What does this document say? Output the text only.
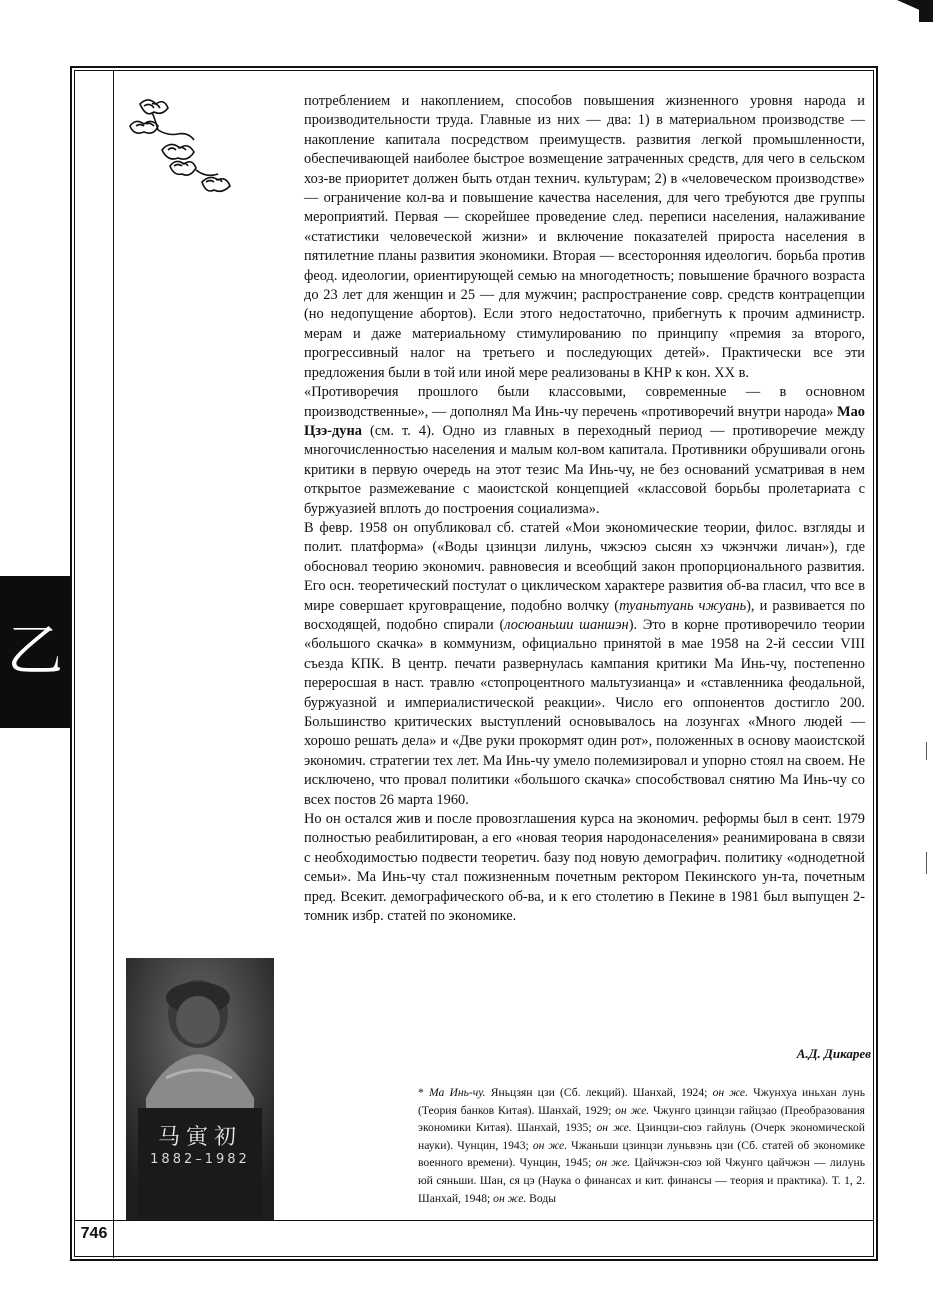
746
乙

потреблением и накоплением, способов повышения жизненного уровня народа и производительности труда. Главные из них — два: 1) в материальном производстве — накопление капитала посредством преимуществ. развития легкой промышленности, обеспечивающей наиболее быстрое возмещение затраченных средств, для чего в сельском хоз-ве приоритет должен быть отдан технич. культурам; 2) в «человеческом производстве» — ограничение кол-ва и повышение качества населения, для чего требуются две группы мероприятий. Первая — скорейшее проведение след. переписи населения, налаживание «статистики человеческой жизни» и включение показателей прироста населения в пятилетние планы развития экономики. Вторая — всесторонняя идеологич. борьба против феод. идеологии, ориентирующей семью на многодетность; повышение брачного возраста до 23 лет для женщин и 25 — для мужчин; распространение совр. средств контрацепции (но недопущение абортов). Если этого недостаточно, прибегнуть к прочим администр. мерам и даже материальному стимулированию по принципу «премия за второго, прогрессивный налог на третьего и последующих детей». Практически все эти предложения были в той или иной мере реализованы в КНР к кон. XX в.

«Противоречия прошлого были классовыми, современные — в основном производственные», — дополнял Ма Инь-чу перечень «противоречий внутри народа» Мао Цзэ-дуна (см. т. 4). Одно из главных в переходный период — противоречие между многочисленностью населения и малым кол-вом капитала. Противники обрушивали огонь критики в первую очередь на этот тезис Ма Инь-чу, не без оснований усматривая в нем открытое размежевание с маоистской концепцией «классовой борьбы пролетариата с буржуазией вплоть до построения социализма».

В февр. 1958 он опубликовал сб. статей «Мои экономические теории, филос. взгляды и полит. платформа» («Воды цзинцзи лилунь, чжэсюэ сысян хэ чжэнчжи личан»), где обосновал теорию экономич. равновесия и всеобщий закон пропорционального развития. Его осн. теоретический постулат о цикличеcком характере развития об-ва гласил, что все в мире совершает круговращение, подобно волчку (туаньтуань чжуань), и развивается по восходящей, подобно спирали (лосюаньши шаншэн). Это в корне противоречило теории «большого скачка» в коммунизм, официально принятой в мае 1958 на 2-й сессии VIII съезда КПК. В центр. печати развернулась кампания критики Ма Инь-чу, постепенно переросшая в наст. травлю «стопроцентного мальтузианца» и «ставленника феодальной, буржуазной и империалистической реакции». Число его оппонентов достигло 200. Большинство критических выступлений основывалось на лозунгах «Много людей — хорошо решать дела» и «Две руки прокормят один рот», положенных в основу маоистской экономич. стратегии тех лет. Ма Инь-чу умело полемизировал и упорно стоял на своем. Не исключено, что провал политики «большого скачка» способствовал снятию Ма Инь-чу со всех постов 26 марта 1960.

Но он остался жив и после провозглашения курса на экономич. реформы был в сент. 1979 полностью реабилитирован, а его «новая теория народонаселения» реанимирована в связи с необходимостью подвести теоретич. базу под новую демографич. политику «однодетной семьи». Ма Инь-чу стал пожизненным почетным ректором Пекинского ун-та, почетным пред. Всекит. демографического об-ва, и к его столетию в Пекине в 1981 был выпущен 2-томник избр. статей по экономике.

А.Д. Дикарев
* Ма Инь-чу. Яньцзян цзи (Сб. лекций). Шанхай, 1924; он же. Чжунхуа иньхан лунь (Теория банков Китая). Шанхай, 1929; он же. Чжунго цзинцзи гайцзао (Преобразования экономики Китая). Шанхай, 1935; он же. Цзинцзи-сюэ гайлунь (Очерк экономической науки). Чунцин, 1943; он же. Чжаньши цзинцзи луньвэнь цзи (Сб. статей об экономике военного времени). Чунцин, 1945; он же. Цайчжэн-сюэ юй Чжунго цайчжэн — лилунь юй сяньши. Шан, ся цэ (Наука о финансах и кит. финансы — теория и практика). Т. 1, 2. Шанхай, 1948; он же. Воды
马寅初
1882–1982
